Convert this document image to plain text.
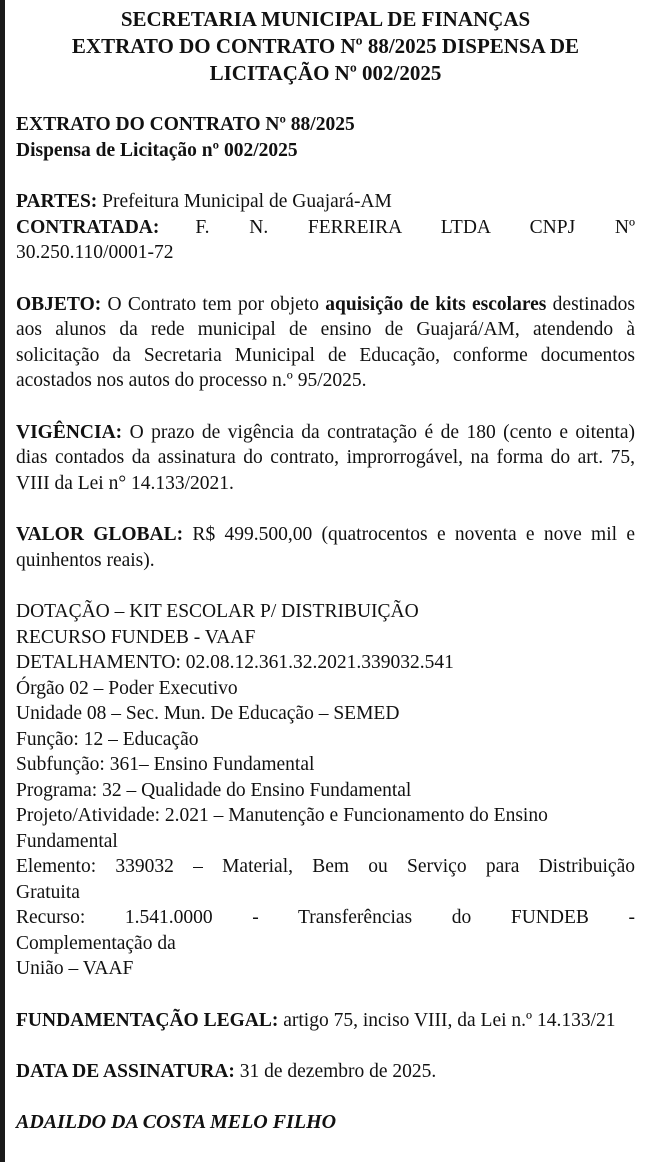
SECRETARIA MUNICIPAL DE FINANÇAS
EXTRATO DO CONTRATO Nº 88/2025 DISPENSA DE
LICITAÇÃO Nº 002/2025

EXTRATO DO CONTRATO Nº 88/2025

Dispensa de Licitação nº 002/2025

PARTES: Prefeitura Municipal de Guajará-AM

CONTRATADA: F. N. FERREIRA LTDA CNPJ Nº

30.250.110/0001-72

OBJETO: O Contrato tem por objeto aquisição de kits escolares destinados aos alunos da rede municipal de ensino de Guajará/AM, atendendo à solicitação da Secretaria Municipal de Educação, conforme documentos acostados nos autos do processo n.º 95/2025.

VIGÊNCIA: O prazo de vigência da contratação é de 180 (cento e oitenta) dias contados da assinatura do contrato, improrrogável, na forma do art. 75, VIII da Lei n° 14.133/2021.

VALOR GLOBAL: R$ 499.500,00 (quatrocentos e noventa e nove mil e quinhentos reais).

DOTAÇÃO – KIT ESCOLAR P/ DISTRIBUIÇÃO

RECURSO FUNDEB - VAAF

DETALHAMENTO: 02.08.12.361.32.2021.339032.541

Órgão 02 – Poder Executivo

Unidade 08 – Sec. Mun. De Educação – SEMED

Função: 12 – Educação

Subfunção: 361– Ensino Fundamental

Programa: 32 – Qualidade do Ensino Fundamental

Projeto/Atividade: 2.021 – Manutenção e Funcionamento do Ensino

Fundamental

Elemento: 339032 – Material, Bem ou Serviço para Distribuição

Gratuita

Recurso: 1.541.0000 - Transferências do FUNDEB -

Complementação da

União – VAAF

FUNDAMENTAÇÃO LEGAL: artigo 75, inciso VIII, da Lei n.º 14.133/21

DATA DE ASSINATURA: 31 de dezembro de 2025.

ADAILDO DA COSTA MELO FILHO
